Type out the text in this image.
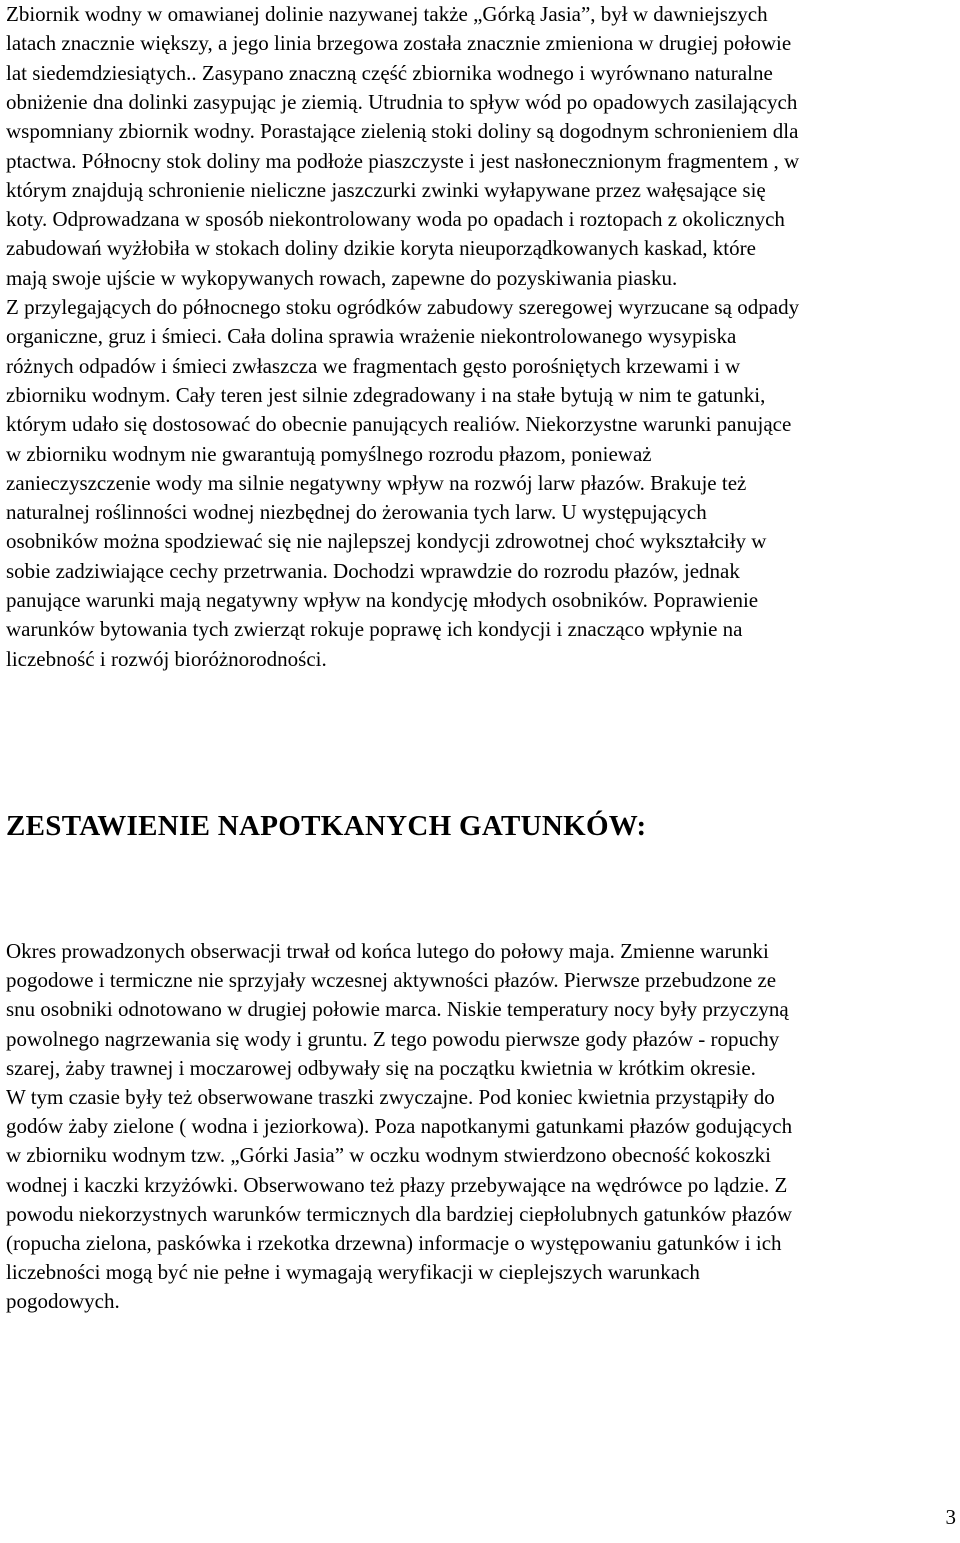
Zbiornik wodny w omawianej dolinie nazywanej także „Górką Jasia”, był w dawniejszych
latach znacznie większy, a jego linia brzegowa została znacznie zmieniona w drugiej połowie
lat siedemdziesiątych.. Zasypano znaczną część zbiornika wodnego i wyrównano naturalne
obniżenie dna dolinki zasypując je ziemią. Utrudnia to spływ wód po opadowych zasilających
wspomniany zbiornik wodny. Porastające zielenią stoki doliny są dogodnym schronieniem dla
ptactwa. Północny stok doliny ma podłoże piaszczyste i jest nasłonecznionym fragmentem , w
którym znajdują schronienie nieliczne jaszczurki zwinki wyłapywane przez wałęsające się
koty. Odprowadzana w sposób niekontrolowany woda po opadach i roztopach z okolicznych
zabudowań wyżłobiła w stokach doliny dzikie koryta nieuporządkowanych kaskad, które
mają swoje ujście w wykopywanych rowach, zapewne do pozyskiwania piasku.
Z przylegających do północnego stoku ogródków zabudowy szeregowej wyrzucane są odpady
organiczne, gruz i śmieci. Cała dolina sprawia wrażenie niekontrolowanego wysypiska
różnych odpadów i śmieci zwłaszcza we fragmentach gęsto porośniętych krzewami i w
zbiorniku wodnym. Cały teren jest silnie zdegradowany i na stałe bytują w nim te gatunki,
którym udało się dostosować do obecnie panujących realiów. Niekorzystne warunki panujące
w zbiorniku wodnym nie gwarantują pomyślnego rozrodu płazom, ponieważ
zanieczyszczenie wody ma silnie negatywny wpływ na rozwój larw płazów. Brakuje też
naturalnej roślinności wodnej niezbędnej do żerowania tych larw. U występujących
osobników można spodziewać się nie najlepszej kondycji zdrowotnej choć wykształciły w
sobie zadziwiające cechy przetrwania. Dochodzi wprawdzie do rozrodu płazów, jednak
panujące warunki mają negatywny wpływ na kondycję młodych osobników. Poprawienie
warunków bytowania tych zwierząt rokuje poprawę ich kondycji i znacząco wpłynie na
liczebność i rozwój bioróżnorodności.
ZESTAWIENIE NAPOTKANYCH GATUNKÓW:
Okres prowadzonych obserwacji trwał od końca lutego do połowy maja. Zmienne warunki
pogodowe i termiczne nie sprzyjały wczesnej aktywności płazów. Pierwsze przebudzone ze
snu osobniki odnotowano w drugiej połowie marca. Niskie temperatury nocy były przyczyną
powolnego nagrzewania się wody i gruntu. Z tego powodu pierwsze gody płazów - ropuchy
szarej, żaby trawnej i moczarowej odbywały się na początku kwietnia w krótkim okresie.
W tym czasie były też obserwowane traszki zwyczajne. Pod koniec kwietnia przystąpiły do
godów żaby zielone ( wodna i jeziorkowa). Poza napotkanymi gatunkami płazów godujących
w zbiorniku wodnym tzw. „Górki Jasia” w oczku wodnym stwierdzono obecność kokoszki
wodnej i kaczki krzyżówki. Obserwowano też płazy przebywające na wędrówce po lądzie. Z
powodu niekorzystnych warunków termicznych dla bardziej ciepłolubnych gatunków płazów
(ropucha zielona, paskówka i rzekotka drzewna) informacje o występowaniu gatunków i ich
liczebności mogą być nie pełne i wymagają weryfikacji w cieplejszych warunkach
pogodowych.
3
